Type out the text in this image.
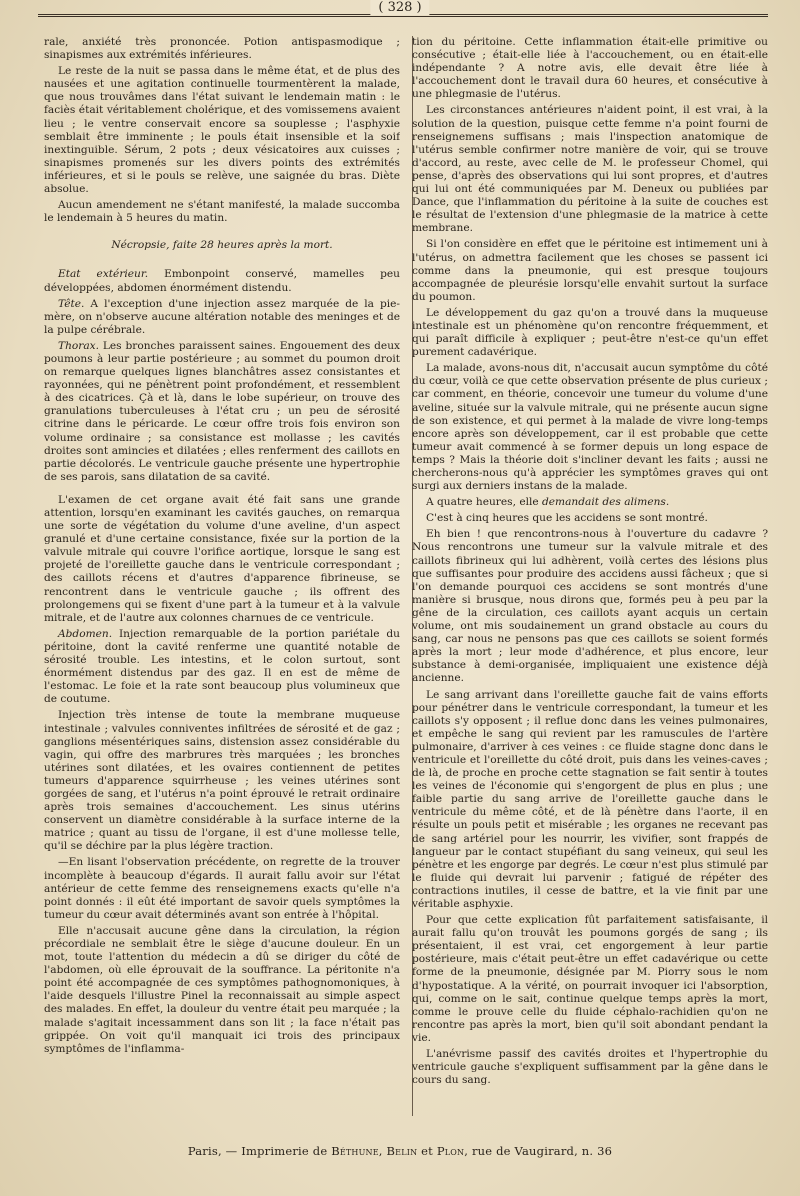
( 328 )

rale, anxiété très prononcée. Potion antispasmodique ; sinapismes aux extrémités inférieures.

Le reste de la nuit se passa dans le même état, et de plus des nausées et une agitation continuelle tourmentèrent la malade, que nous trouvâmes dans l'état suivant le lendemain matin : le faciès était véritablement cholérique, et des vomissemens avaient lieu ; le ventre conservait encore sa souplesse ; l'asphyxie semblait être imminente ; le pouls était insensible et la soif inextinguible. Sérum, 2 pots ; deux vésicatoires aux cuisses ; sinapismes promenés sur les divers points des extrémités inférieures, et si le pouls se relève, une saignée du bras. Diète absolue.

Aucun amendement ne s'étant manifesté, la malade succomba le lendemain à 5 heures du matin.

Nécropsie, faite 28 heures après la mort.

Etat extérieur. Embonpoint conservé, mamelles peu développées, abdomen énormément distendu.

Tête. A l'exception d'une injection assez marquée de la pie-mère, on n'observe aucune altération notable des meninges et de la pulpe cérébrale.

Thorax. Les bronches paraissent saines. Engouement des deux poumons à leur partie postérieure ; au sommet du poumon droit on remarque quelques lignes blanchâtres assez consistantes et rayonnées, qui ne pénètrent point profondément, et ressemblent à des cicatrices. Çà et là, dans le lobe supérieur, on trouve des granulations tuberculeuses à l'état cru ; un peu de sérosité citrine dans le péricarde. Le cœur offre trois fois environ son volume ordinaire ; sa consistance est mollasse ; les cavités droites sont amincies et dilatées ; elles renferment des caillots en partie décolorés. Le ventricule gauche présente une hypertrophie de ses parois, sans dilatation de sa cavité.

L'examen de cet organe avait été fait sans une grande attention, lorsqu'en examinant les cavités gauches, on remarqua une sorte de végétation du volume d'une aveline, d'un aspect granulé et d'une certaine consistance, fixée sur la portion de la valvule mitrale qui couvre l'orifice aortique, lorsque le sang est projeté de l'oreillette gauche dans le ventricule correspondant ; des caillots récens et d'autres d'apparence fibrineuse, se rencontrent dans le ventricule gauche ; ils offrent des prolongemens qui se fixent d'une part à la tumeur et à la valvule mitrale, et de l'autre aux colonnes charnues de ce ventricule.

Abdomen. Injection remarquable de la portion pariétale du péritoine, dont la cavité renferme une quantité notable de sérosité trouble. Les intestins, et le colon surtout, sont énormément distendus par des gaz. Il en est de même de l'estomac. Le foie et la rate sont beaucoup plus volumineux que de coutume.

Injection très intense de toute la membrane muqueuse intestinale ; valvules conniventes infiltrées de sérosité et de gaz ; ganglions mésentériques sains, distension assez considérable du vagin, qui offre des marbrures très marquées ; les bronches utérines sont dilatées, et les ovaires contiennent de petites tumeurs d'apparence squirrheuse ; les veines utérines sont gorgées de sang, et l'utérus n'a point éprouvé le retrait ordinaire après trois semaines d'accouchement. Les sinus utérins conservent un diamètre considérable à la surface interne de la matrice ; quant au tissu de l'organe, il est d'une mollesse telle, qu'il se déchire par la plus légère traction.

—En lisant l'observation précédente, on regrette de la trouver incomplète à beaucoup d'égards. Il aurait fallu avoir sur l'état antérieur de cette femme des renseignemens exacts qu'elle n'a point donnés : il eût été important de savoir quels symptômes la tumeur du cœur avait déterminés avant son entrée à l'hôpital.

Elle n'accusait aucune gêne dans la circulation, la région précordiale ne semblait être le siège d'aucune douleur. En un mot, toute l'attention du médecin a dû se diriger du côté de l'abdomen, où elle éprouvait de la souffrance. La péritonite n'a point été accompagnée de ces symptômes pathognomoniques, à l'aide desquels l'illustre Pinel la reconnaissait au simple aspect des malades. En effet, la douleur du ventre était peu marquée ; la malade s'agitait incessamment dans son lit ; la face n'était pas grippée. On voit qu'il manquait ici trois des principaux symptômes de l'inflamma-

tion du péritoine. Cette inflammation était-elle primitive ou consécutive ; était-elle liée à l'accouchement, ou en était-elle indépendante ? A notre avis, elle devait être liée à l'accouchement dont le travail dura 60 heures, et consécutive à une phlegmasie de l'utérus.

Les circonstances antérieures n'aident point, il est vrai, à la solution de la question, puisque cette femme n'a point fourni de renseignemens suffisans ; mais l'inspection anatomique de l'utérus semble confirmer notre manière de voir, qui se trouve d'accord, au reste, avec celle de M. le professeur Chomel, qui pense, d'après des observations qui lui sont propres, et d'autres qui lui ont été communiquées par M. Deneux ou publiées par Dance, que l'inflammation du péritoine à la suite de couches est le résultat de l'extension d'une phlegmasie de la matrice à cette membrane.

Si l'on considère en effet que le péritoine est intimement uni à l'utérus, on admettra facilement que les choses se passent ici comme dans la pneumonie, qui est presque toujours accompagnée de pleurésie lorsqu'elle envahit surtout la surface du poumon.

Le développement du gaz qu'on a trouvé dans la muqueuse intestinale est un phénomène qu'on rencontre fréquemment, et qui paraît difficile à expliquer ; peut-être n'est-ce qu'un effet purement cadavérique.

La malade, avons-nous dit, n'accusait aucun symptôme du côté du cœur, voilà ce que cette observation présente de plus curieux ; car comment, en théorie, concevoir une tumeur du volume d'une aveline, située sur la valvule mitrale, qui ne présente aucun signe de son existence, et qui permet à la malade de vivre long-temps encore après son développement, car il est probable que cette tumeur avait commencé à se former depuis un long espace de temps ? Mais la théorie doit s'incliner devant les faits ; aussi ne chercherons-nous qu'à apprécier les symptômes graves qui ont surgi aux derniers instans de la malade.

A quatre heures, elle demandait des alimens.

C'est à cinq heures que les accidens se sont montré.

Eh bien ! que rencontrons-nous à l'ouverture du cadavre ? Nous rencontrons une tumeur sur la valvule mitrale et des caillots fibrineux qui lui adhèrent, voilà certes des lésions plus que suffisantes pour produire des accidens aussi fâcheux ; que si l'on demande pourquoi ces accidens se sont montrés d'une manière si brusque, nous dirons que, formés peu à peu par la gêne de la circulation, ces caillots ayant acquis un certain volume, ont mis soudainement un grand obstacle au cours du sang, car nous ne pensons pas que ces caillots se soient formés après la mort ; leur mode d'adhérence, et plus encore, leur substance à demi-organisée, impliquaient une existence déjà ancienne.

Le sang arrivant dans l'oreillette gauche fait de vains efforts pour pénétrer dans le ventricule correspondant, la tumeur et les caillots s'y opposent ; il reflue donc dans les veines pulmonaires, et empêche le sang qui revient par les ramuscules de l'artère pulmonaire, d'arriver à ces veines : ce fluide stagne donc dans le ventricule et l'oreillette du côté droit, puis dans les veines-caves ; de là, de proche en proche cette stagnation se fait sentir à toutes les veines de l'économie qui s'engorgent de plus en plus ; une faible partie du sang arrive de l'oreillette gauche dans le ventricule du même côté, et de là pénètre dans l'aorte, il en résulte un pouls petit et misérable ; les organes ne recevant pas de sang artériel pour les nourrir, les vivifier, sont frappés de langueur par le contact stupéfiant du sang veineux, qui seul les pénètre et les engorge par degrés. Le cœur n'est plus stimulé par le fluide qui devrait lui parvenir ; fatigué de répéter des contractions inutiles, il cesse de battre, et la vie finit par une véritable asphyxie.

Pour que cette explication fût parfaitement satisfaisante, il aurait fallu qu'on trouvât les poumons gorgés de sang ; ils présentaient, il est vrai, cet engorgement à leur partie postérieure, mais c'était peut-être un effet cadavérique ou cette forme de la pneumonie, désignée par M. Piorry sous le nom d'hypostatique. A la vérité, on pourrait invoquer ici l'absorption, qui, comme on le sait, continue quelque temps après la mort, comme le prouve celle du fluide céphalo-rachidien qu'on ne rencontre pas après la mort, bien qu'il soit abondant pendant la vie.

L'anévrisme passif des cavités droites et l'hypertrophie du ventricule gauche s'expliquent suffisamment par la gêne dans le cours du sang.

Paris, — Imprimerie de Béthune, Belin et Plon, rue de Vaugirard, n. 36
